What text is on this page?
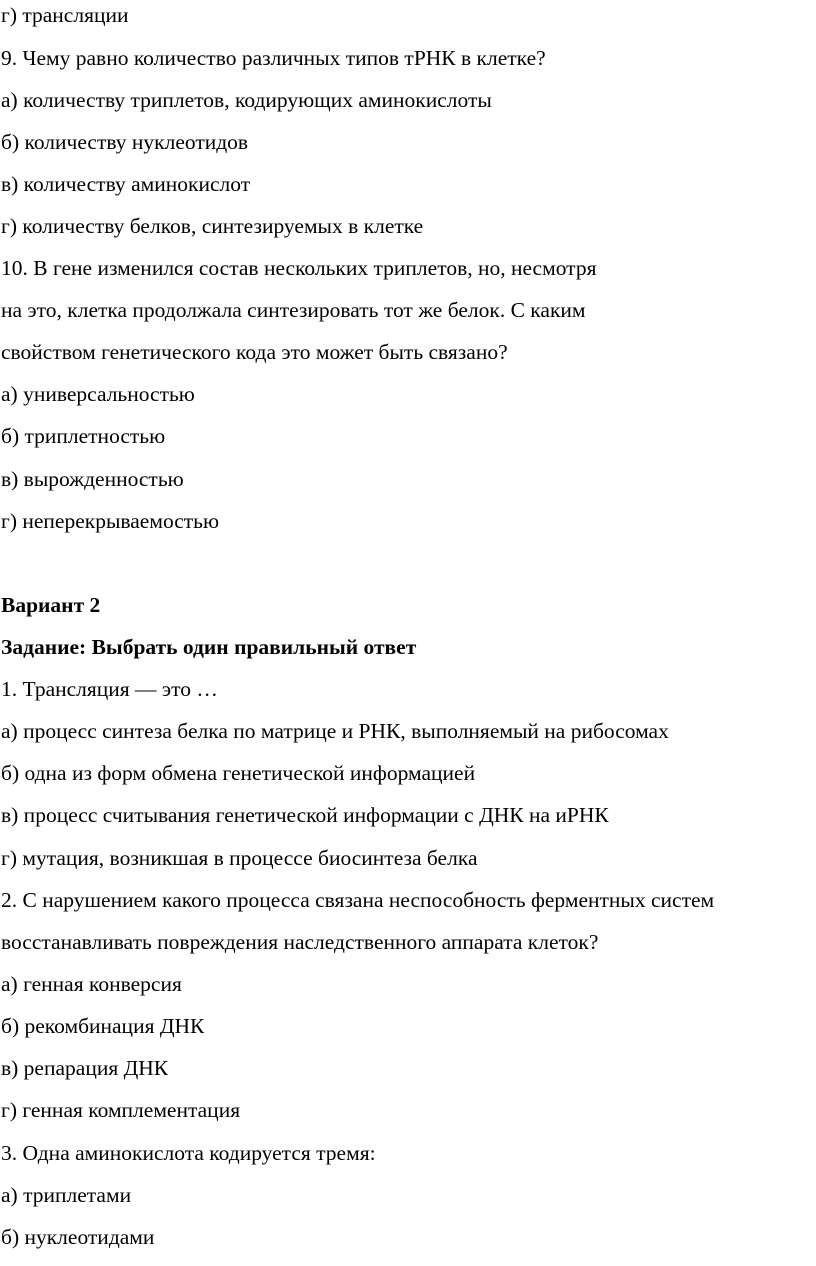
г) трансляции

9. Чему равно количество различных типов тРНК в клетке?

а) количеству триплетов, кодирующих аминокислоты

б) количеству нуклеотидов

в) количеству аминокислот

г) количеству белков, синтезируемых в клетке

10. В гене изменился состав нескольких триплетов, но, несмотря

на это, клетка продолжала синтезировать тот же белок. С каким

свойством генетического кода это может быть связано?

а) универсальностью

б) триплетностью

в) вырожденностью

г) неперекрываемостью

Вариант 2

Задание: Выбрать один правильный ответ

1. Трансляция — это …

а) процесс синтеза белка по матрице и РНК, выполняемый на рибосомах

б) одна из форм обмена генетической информацией

в) процесс считывания генетической информации с ДНК на иРНК

г) мутация, возникшая в процессе биосинтеза белка

2. С нарушением какого процесса связана неспособность ферментных систем

восстанавливать повреждения наследственного аппарата клеток?

а) генная конверсия

б) рекомбинация ДНК

в) репарация ДНК

г) генная комплементация

3. Одна аминокислота кодируется тремя:

а) триплетами

б) нуклеотидами
